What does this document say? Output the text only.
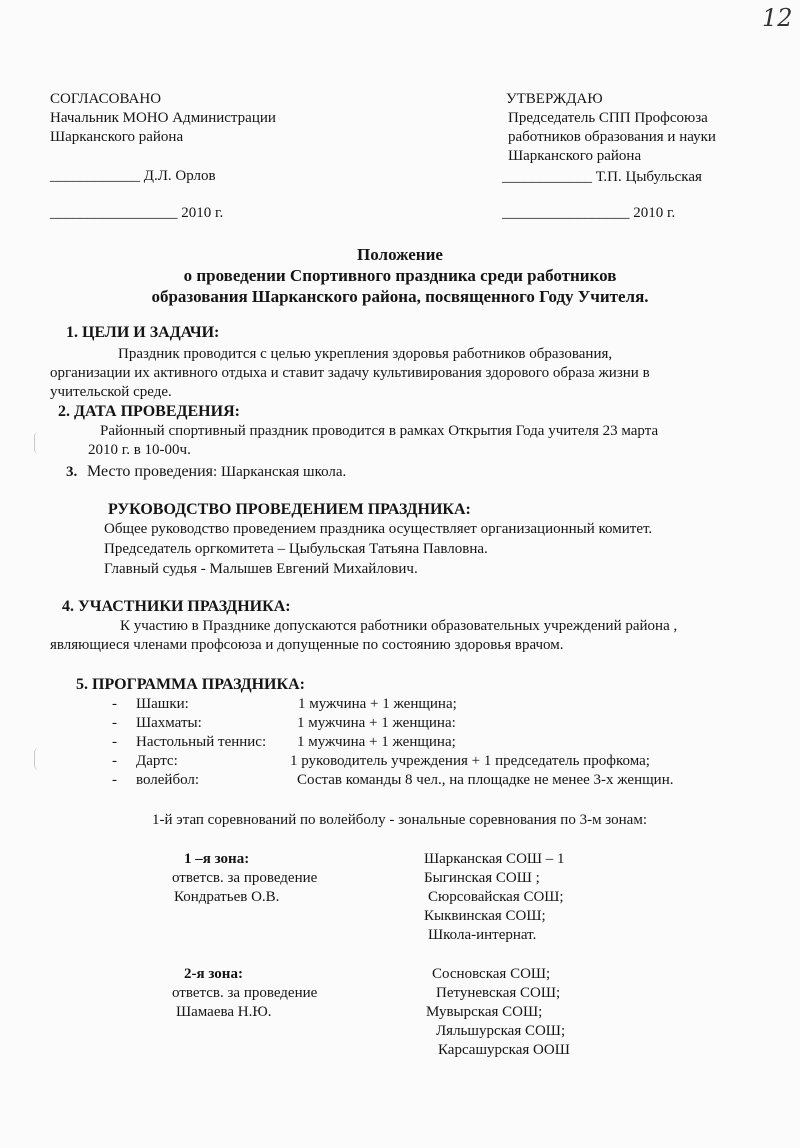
12
СОГЛАСОВАНО
Начальник МОНО Администрации
Шарканского района
____________ Д.Л. Орлов
_________________ 2010 г.
УТВЕРЖДАЮ
Председатель СПП Профсоюза
работников образования и науки
Шарканского района
____________ Т.П. Цыбульская
_________________ 2010 г.
Положение
о проведении Спортивного праздника среди работников
образования Шарканского района, посвященного Году Учителя.
1. ЦЕЛИ И ЗАДАЧИ:
Праздник проводится с целью укрепления здоровья работников образования,
организации их активного отдыха и ставит задачу культивирования здорового образа жизни в
учительской среде.
2. ДАТА ПРОВЕДЕНИЯ:
Районный спортивный праздник проводится в рамках Открытия Года учителя 23 марта
2010 г. в 10-00ч.
3. Место проведения: Шарканская школа.
РУКОВОДСТВО ПРОВЕДЕНИЕМ ПРАЗДНИКА:
Общее руководство проведением праздника осуществляет организационный комитет.
Председатель оргкомитета – Цыбульская Татьяна Павловна.
Главный судья - Малышев Евгений Михайлович.
4. УЧАСТНИКИ ПРАЗДНИКА:
К участию в Празднике допускаются работники образовательных учреждений района ,
являющиеся членами профсоюза и допущенные по состоянию здоровья врачом.
5. ПРОГРАММА ПРАЗДНИКА:
- Шашки:	1 мужчина + 1 женщина;
- Шахматы:	1 мужчина + 1 женщина:
- Настольный теннис: 1 мужчина + 1 женщина;
- Дартс:	1 руководитель учреждения + 1 председатель профкома;
- волейбол:	Состав команды 8 чел., на площадке не менее 3-х женщин.
1-й этап соревнований по волейболу - зональные соревнования по 3-м зонам:
1 –я зона:
ответсв. за проведение
Кондратьев О.В.
Шарканская СОШ – 1
Быгинская СОШ ;
Сюрсовайская СОШ;
Кыквинская СОШ;
Школа-интернат.
2-я зона:
ответсв. за проведение
Шамаева Н.Ю.
Сосновская СОШ;
Петуневская СОШ;
Мувырская СОШ;
Ляльшурская СОШ;
Карсашурская ООШ
